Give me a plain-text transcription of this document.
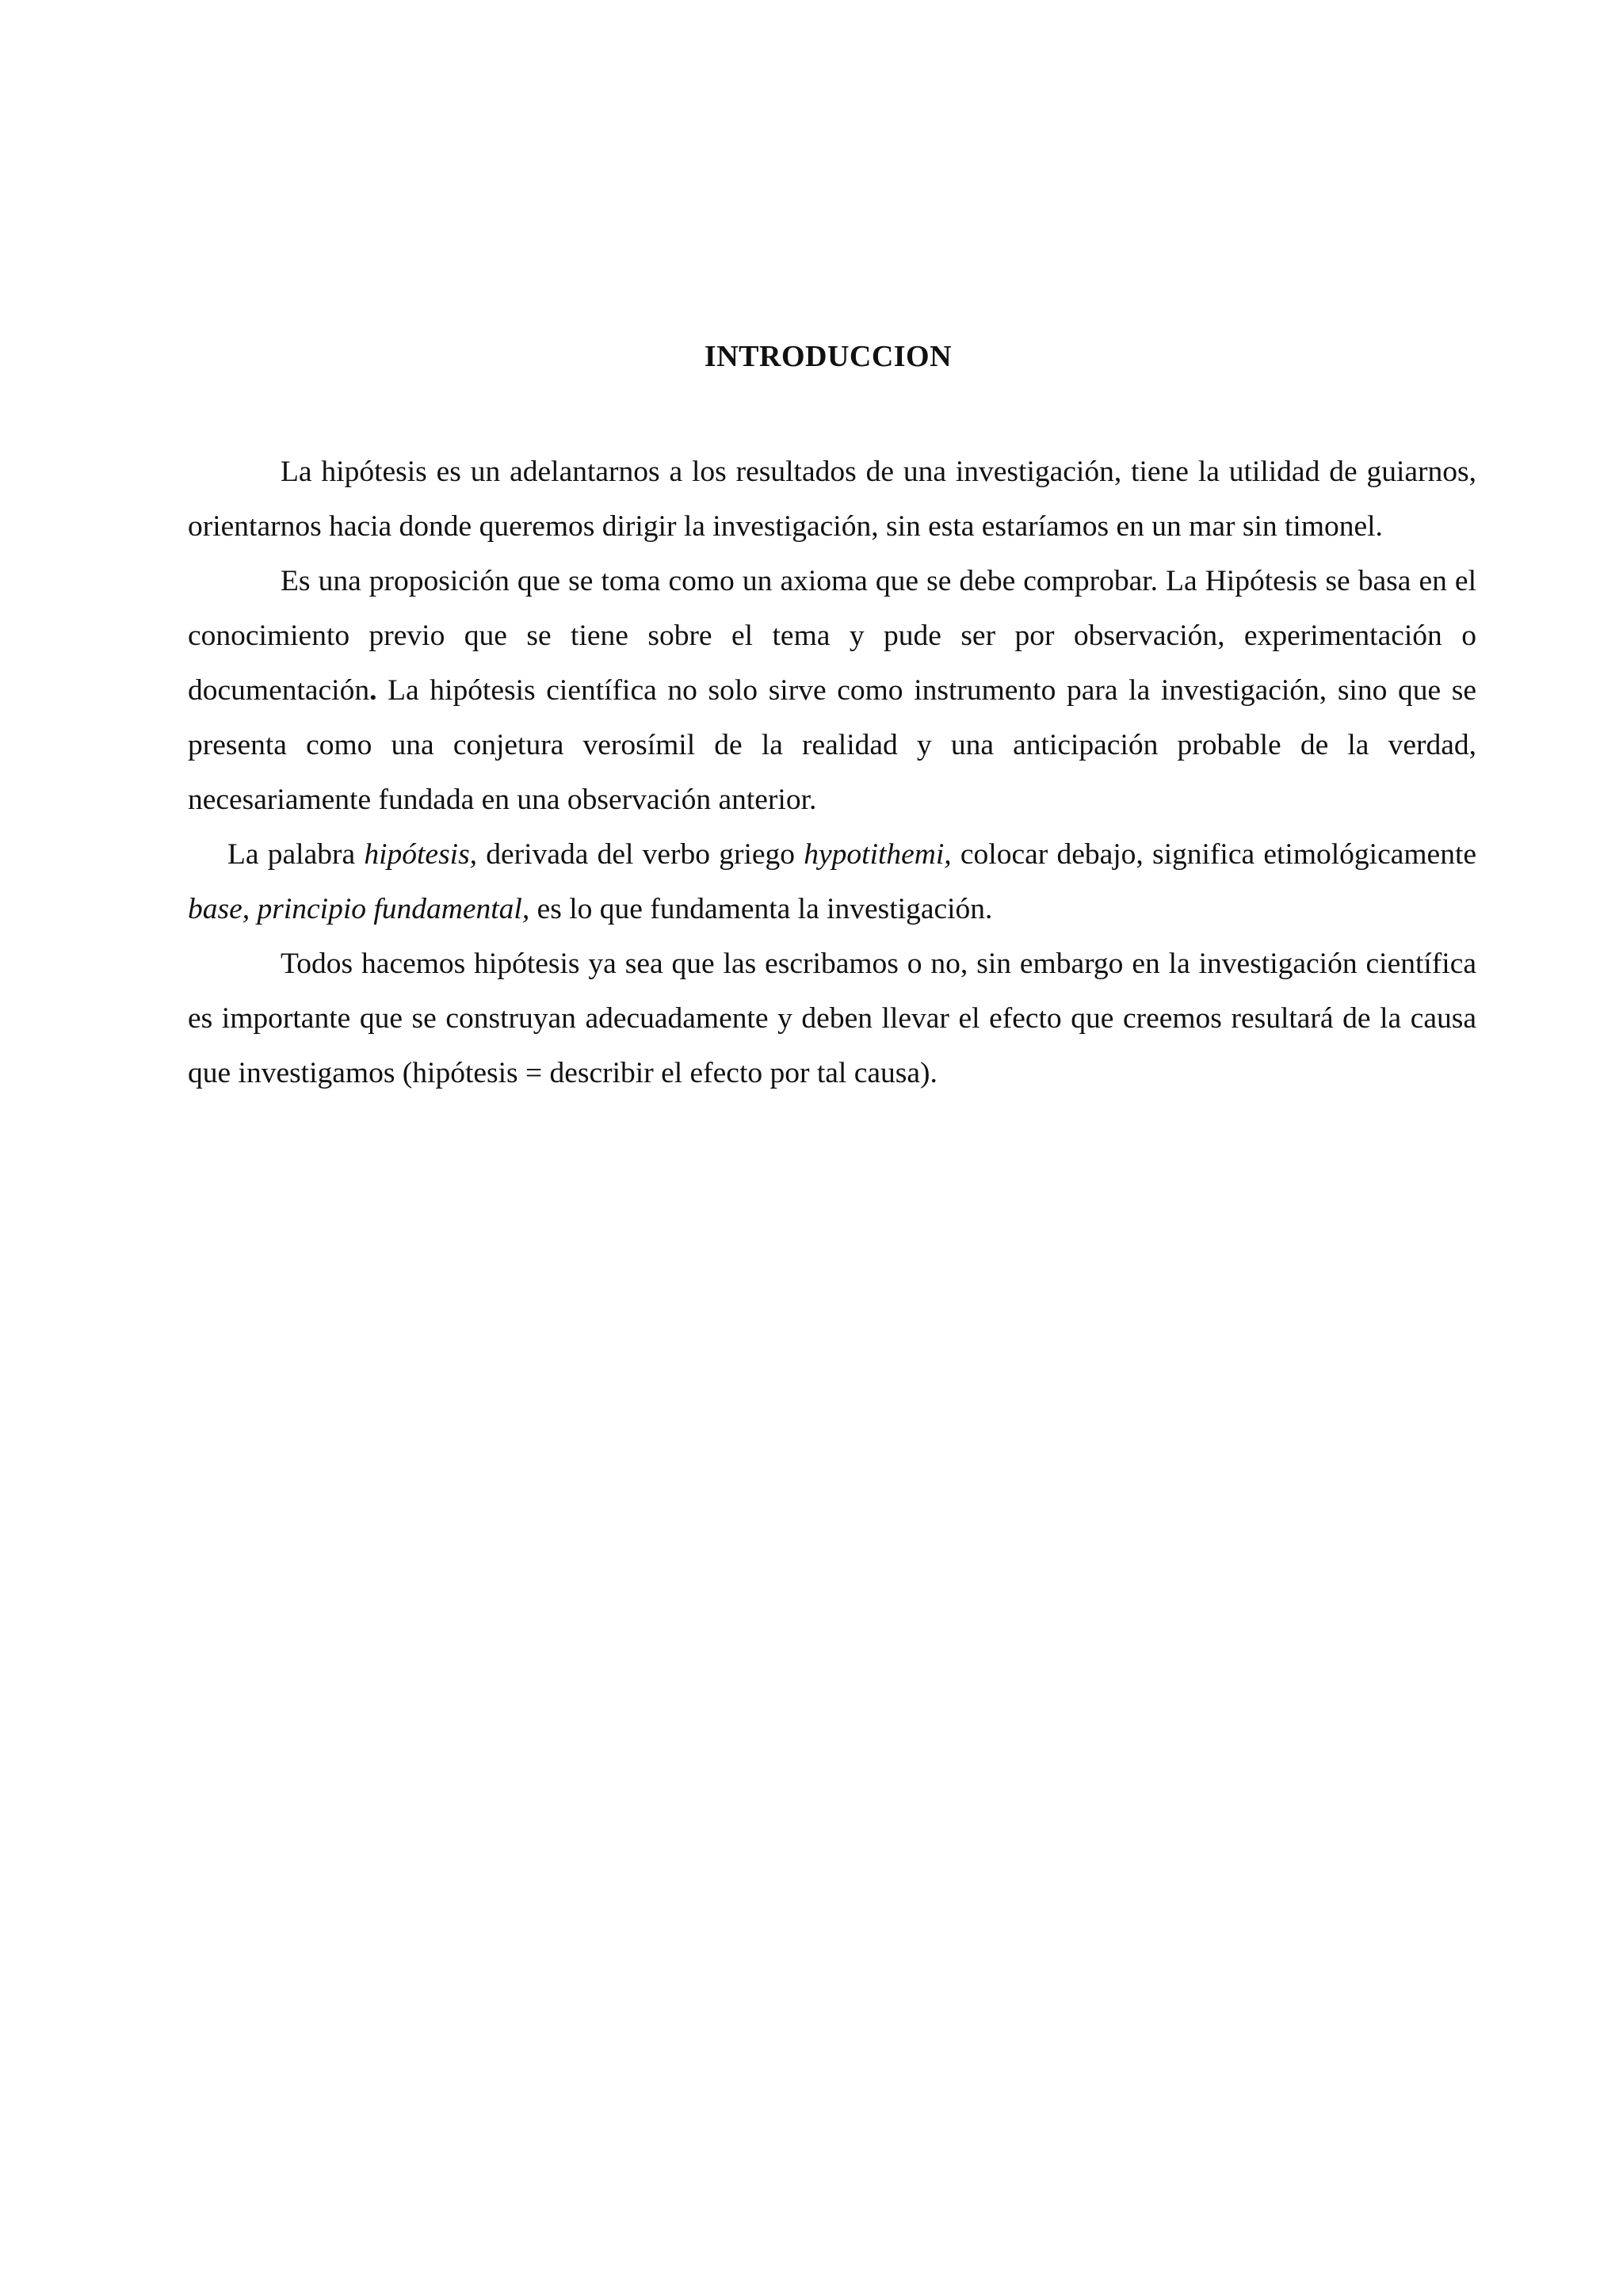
INTRODUCCION

La hipótesis es un adelantarnos a los resultados de una investigación, tiene la utilidad de guiarnos, orientarnos hacia donde queremos dirigir la investigación, sin esta estaríamos en un mar sin timonel.

Es una proposición que se toma como un axioma que se debe comprobar. La Hipótesis se basa en el conocimiento previo que se tiene sobre el tema y pude ser por observación, experimentación o documentación. La hipótesis científica no solo sirve como instrumento para la investigación, sino que se presenta como una conjetura verosímil de la realidad y una anticipación probable de la verdad, necesariamente fundada en una observación anterior.

La palabra hipótesis, derivada del verbo griego hypotithemi, colocar debajo, significa etimológicamente base, principio fundamental, es lo que fundamenta la investigación.

Todos hacemos hipótesis ya sea que las escribamos o no, sin embargo en la investigación científica es importante que se construyan adecuadamente y deben llevar el efecto que creemos resultará de la causa que investigamos (hipótesis = describir el efecto por tal causa).
